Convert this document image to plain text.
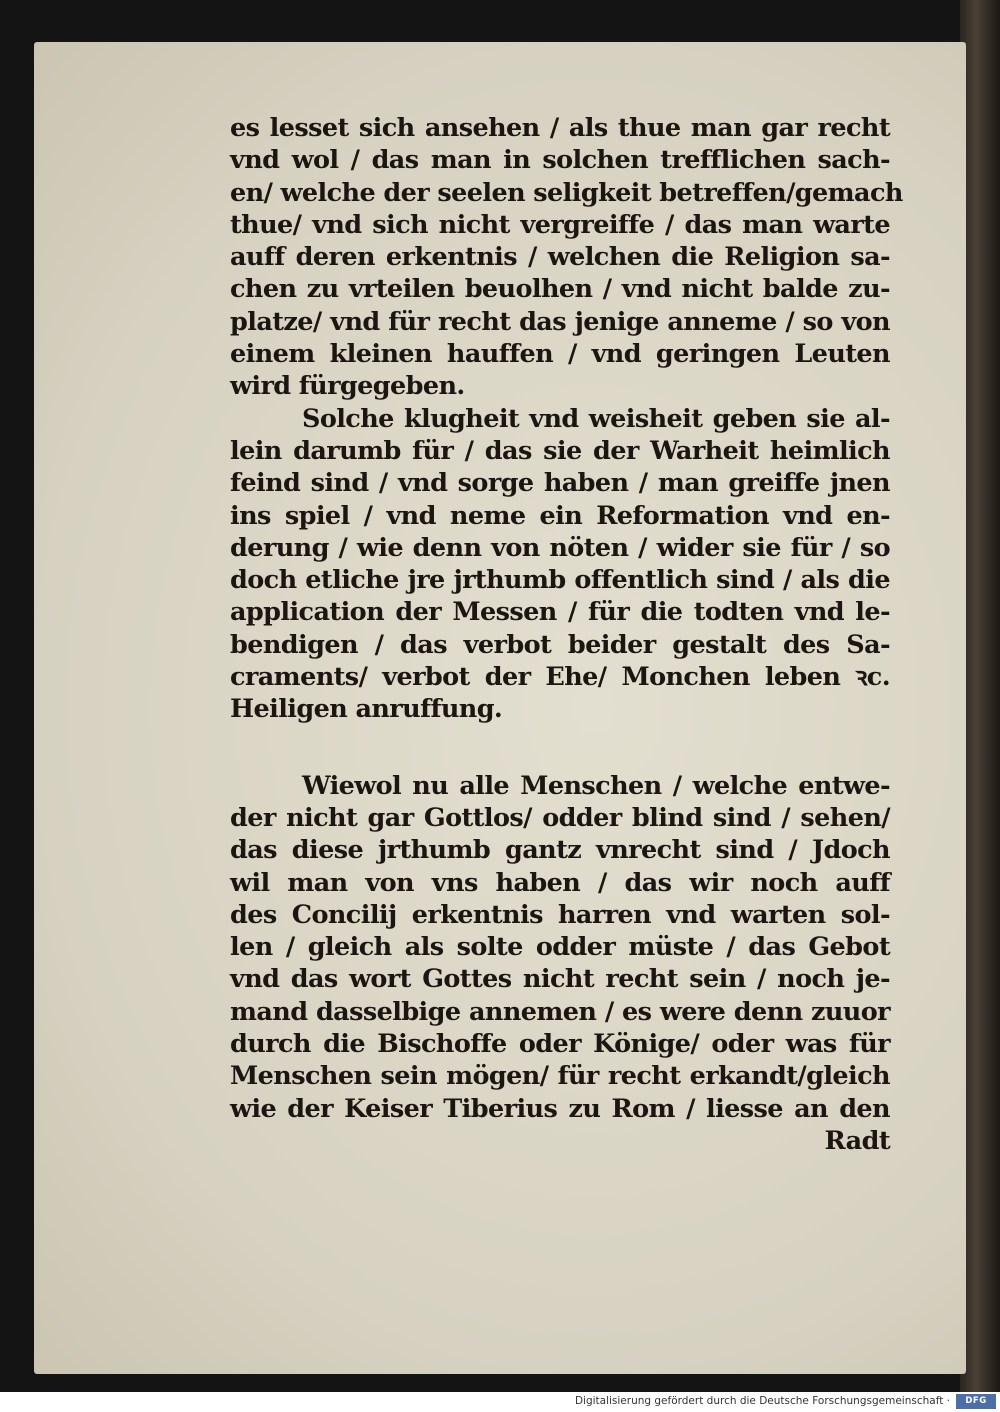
es lesset sich ansehen / als thue man gar recht
vnd wol / das man in solchen trefflichen sach-
en/ welche der seelen seligkeit betreffen/gemach
thue/ vnd sich nicht vergreiffe / das man warte
auff deren erkentnis / welchen die Religion sa-
chen zu vrteilen beuolhen / vnd nicht balde zu-
platze/ vnd für recht das jenige anneme / so von
einem kleinen hauffen / vnd geringen Leuten
wird fürgegeben.
Solche klugheit vnd weisheit geben sie al-
lein darumb für / das sie der Warheit heimlich
feind sind / vnd sorge haben / man greiffe jnen
ins spiel / vnd neme ein Reformation vnd en-
derung / wie denn von nöten / wider sie für / so
doch etliche jre jrthumb offentlich sind / als die
application der Messen / für die todten vnd le-
bendigen / das verbot beider gestalt des Sa-
craments/ verbot der Ehe/ Monchen leben ꝛc.
Heiligen anruffung.
Wiewol nu alle Menschen / welche entwe-
der nicht gar Gottlos/ odder blind sind / sehen/
das diese jrthumb gantz vnrecht sind / Jdoch
wil man von vns haben / das wir noch auff
des Concilij erkentnis harren vnd warten sol-
len / gleich als solte odder müste / das Gebot
vnd das wort Gottes nicht recht sein / noch je-
mand dasselbige annemen / es were denn zuuor
durch die Bischoffe oder Könige/ oder was für
Menschen sein mögen/ für recht erkandt/gleich
wie der Keiser Tiberius zu Rom / liesse an den
Radt
Digitalisierung gefördert durch die Deutsche Forschungsgemeinschaft ·	DFG
